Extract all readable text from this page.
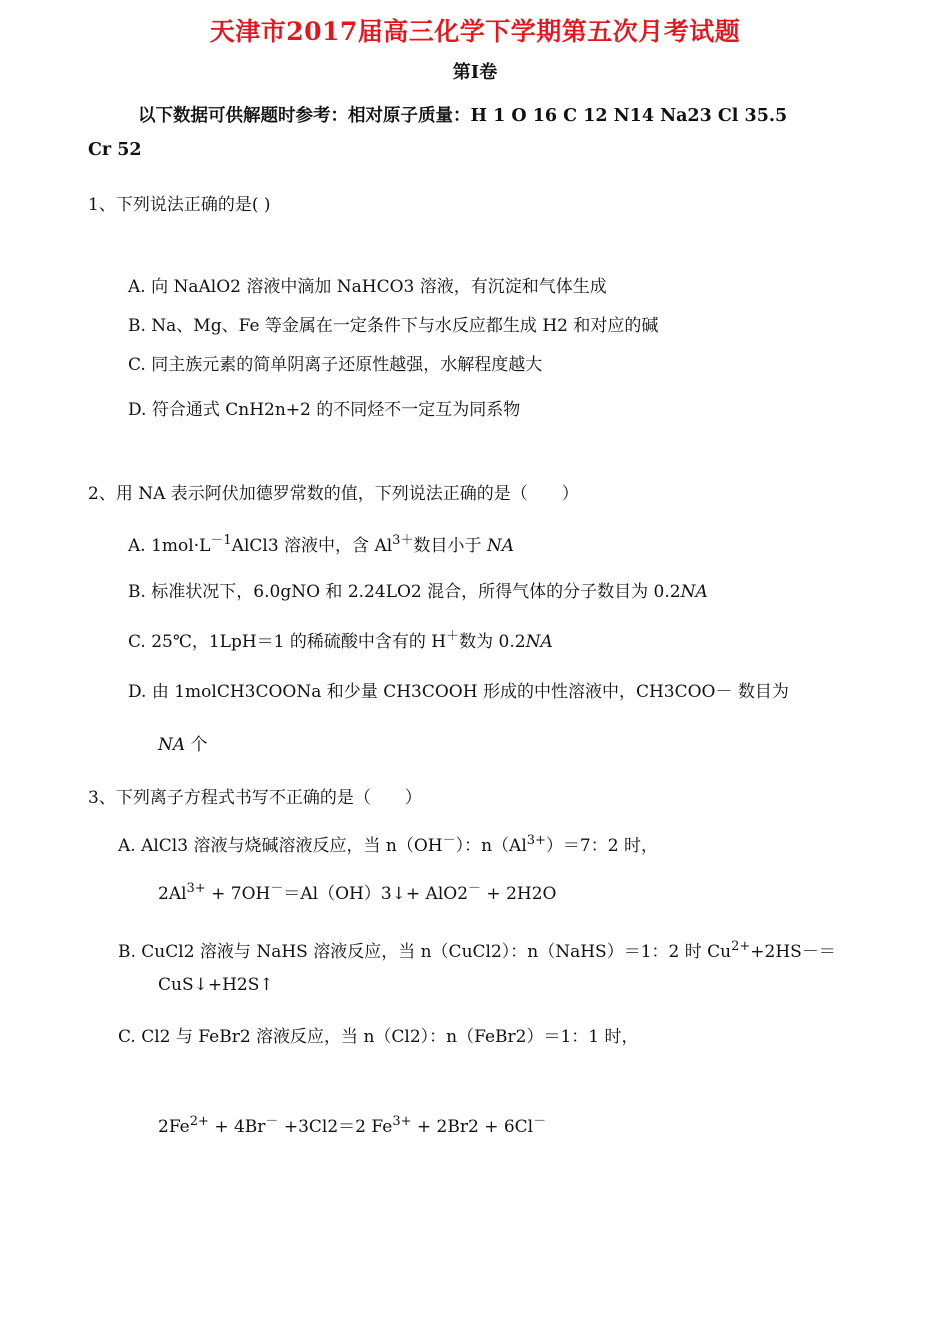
天津市2017届高三化学下学期第五次月考试题
第Ⅰ卷
以下数据可供解题时参考：相对原子质量：H 1 O 16 C 12 N14 Na23 Cl 35.5
Cr 52
1、下列说法正确的是( )
A. 向 NaAlO2 溶液中滴加 NaHCO3 溶液，有沉淀和气体生成
B. Na、Mg、Fe 等金属在一定条件下与水反应都生成 H2 和对应的碱
C. 同主族元素的简单阴离子还原性越强，水解程度越大
D. 符合通式 CnH2n+2 的不同烃不一定互为同系物
2、用 NA 表示阿伏加德罗常数的值，下列说法正确的是（　　）
A. $1mol\cdot L^{-1}AlCl3$ 溶液中，含 $Al^{3+}$数目小于 NA
B. 标准状况下，6.0gNO 和 2.24LO2 混合，所得气体的分子数目为 0.2NA
C. 25℃，1LpH＝1 的稀硫酸中含有的 H＋数为 0.2NA
D. 由 1molCH3COONa 和少量 CH3COOH 形成的中性溶液中，CH3COO－ 数目为
NA 个
3、下列离子方程式书写不正确的是（　　）
A. AlCl3 溶液与烧碱溶液反应，当 n（OH－）：$n(Al^{3+})=7$：2 时，
$2Al^{3+}$ + 7OH－＝Al（OH）3↓+ AlO2－ + 2H2O
B. CuCl2 溶液与 NaHS 溶液反应，当 n（CuCl2）：n（NaHS）＝1：2 时 $Cu^{2+}+2HS-=$
CuS↓+H2S↑
C. Cl2 与 FeBr2 溶液反应，当 n（Cl2）：n（FeBr2）＝1：1 时，
$2Fe^{2+} + 4Br^- +3Cl2=2$ $Fe^{3+} + 2Br2 + 6Cl^-$
